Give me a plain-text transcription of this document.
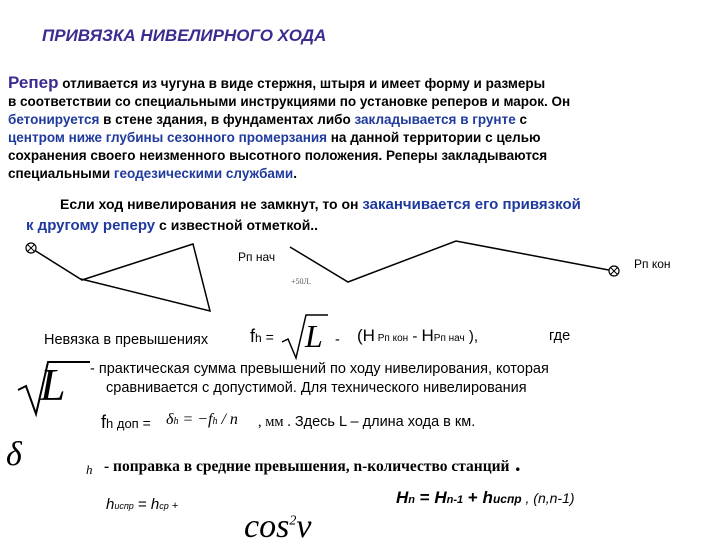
ПРИВЯЗКА НИВЕЛИРНОГО ХОДА
Репер отливается из чугуна в виде стержня, штыря и имеет форму и размеры
в соответствии со специальными инструкциями по установке реперов и марок. Он
бетонируется в стене здания, в фундаментах либо закладывается в грунте с
центром ниже глубины сезонного промерзания на данной территории с целью
сохранения своего неизменного высотного положения. Реперы закладываются
специальными геодезическими службами.
Если ход нивелирования не замкнут, то он заканчивается его привязкой
к другому реперу с известной отметкой..
Рп нач	Рп кон
+50Л.
Невязка в превышениях fh = L - (H Рп кон - HРп нач ),	где
L - практическая сумма превышений по ходу нивелирования, которая
сравнивается с допустимой. Для технического нивелирования
fh доп = δh = −fh / n , мм . Здесь L – длина хода в км.
δ	h - поправка в средние превышения, n-количество станций .
hиспр = hср +
$\cos^2\nu$
Hn = Hn-1 + hиспр , (n,n-1)
